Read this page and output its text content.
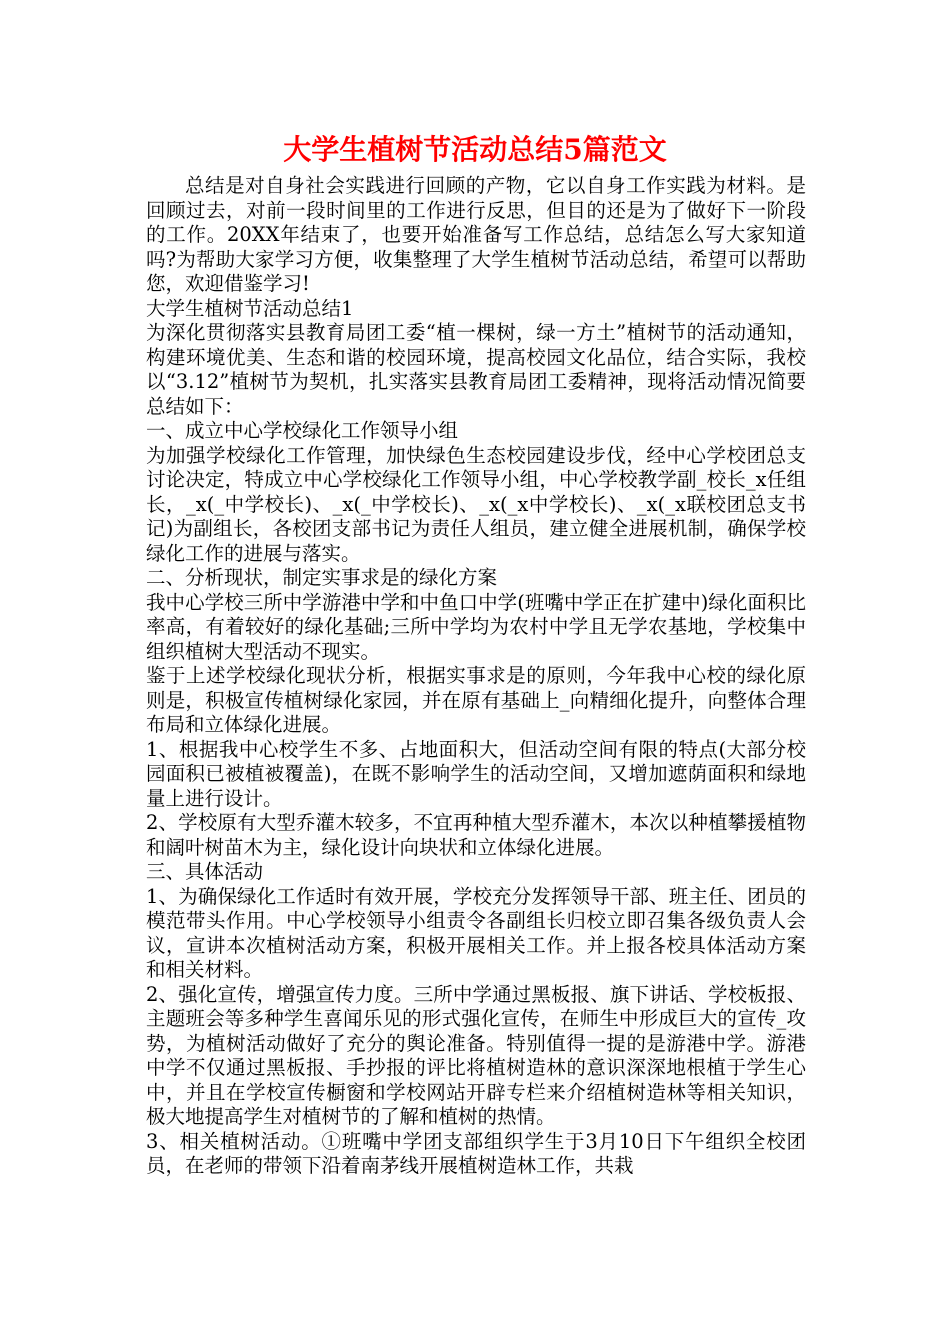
大学生植树节活动总结5篇范文

总结是对自身社会实践进行回顾的产物，它以自身工作实践为材料。是回顾过去，对前一段时间里的工作进行反思，但目的还是为了做好下一阶段的工作。20XX年结束了，也要开始准备写工作总结，总结怎么写大家知道吗?为帮助大家学习方便，收集整理了大学生植树节活动总结，希望可以帮助您，欢迎借鉴学习!

大学生植树节活动总结1

为深化贯彻落实县教育局团工委“植一棵树，绿一方土”植树节的活动通知，构建环境优美、生态和谐的校园环境，提高校园文化品位，结合实际，我校以“3.12”植树节为契机，扎实落实县教育局团工委精神，现将活动情况简要总结如下：

一、成立中心学校绿化工作领导小组

为加强学校绿化工作管理，加快绿色生态校园建设步伐，经中心学校团总支讨论决定，特成立中心学校绿化工作领导小组，中心学校教学副_校长_x任组长，_x(_中学校长)、_x(_中学校长)、_x(_x中学校长)、_x(_x联校团总支书记)为副组长，各校团支部书记为责任人组员，建立健全进展机制，确保学校绿化工作的进展与落实。

二、分析现状，制定实事求是的绿化方案

我中心学校三所中学游港中学和中鱼口中学(班嘴中学正在扩建中)绿化面积比率高，有着较好的绿化基础;三所中学均为农村中学且无学农基地，学校集中组织植树大型活动不现实。

鉴于上述学校绿化现状分析，根据实事求是的原则，今年我中心校的绿化原则是，积极宣传植树绿化家园，并在原有基础上_向精细化提升，向整体合理布局和立体绿化进展。

1、根据我中心校学生不多、占地面积大，但活动空间有限的特点(大部分校园面积已被植被覆盖)，在既不影响学生的活动空间，又增加遮荫面积和绿地量上进行设计。

2、学校原有大型乔灌木较多，不宜再种植大型乔灌木，本次以种植攀援植物和阔叶树苗木为主，绿化设计向块状和立体绿化进展。

三、具体活动

1、为确保绿化工作适时有效开展，学校充分发挥领导干部、班主任、团员的模范带头作用。中心学校领导小组责令各副组长归校立即召集各级负责人会议，宣讲本次植树活动方案，积极开展相关工作。并上报各校具体活动方案和相关材料。

2、强化宣传，增强宣传力度。三所中学通过黑板报、旗下讲话、学校板报、主题班会等多种学生喜闻乐见的形式强化宣传，在师生中形成巨大的宣传_攻势，为植树活动做好了充分的舆论准备。特别值得一提的是游港中学。游港中学不仅通过黑板报、手抄报的评比将植树造林的意识深深地根植于学生心中，并且在学校宣传橱窗和学校网站开辟专栏来介绍植树造林等相关知识，极大地提高学生对植树节的了解和植树的热情。

3、相关植树活动。①班嘴中学团支部组织学生于3月10日下午组织全校团员，在老师的带领下沿着南茅线开展植树造林工作，共栽
